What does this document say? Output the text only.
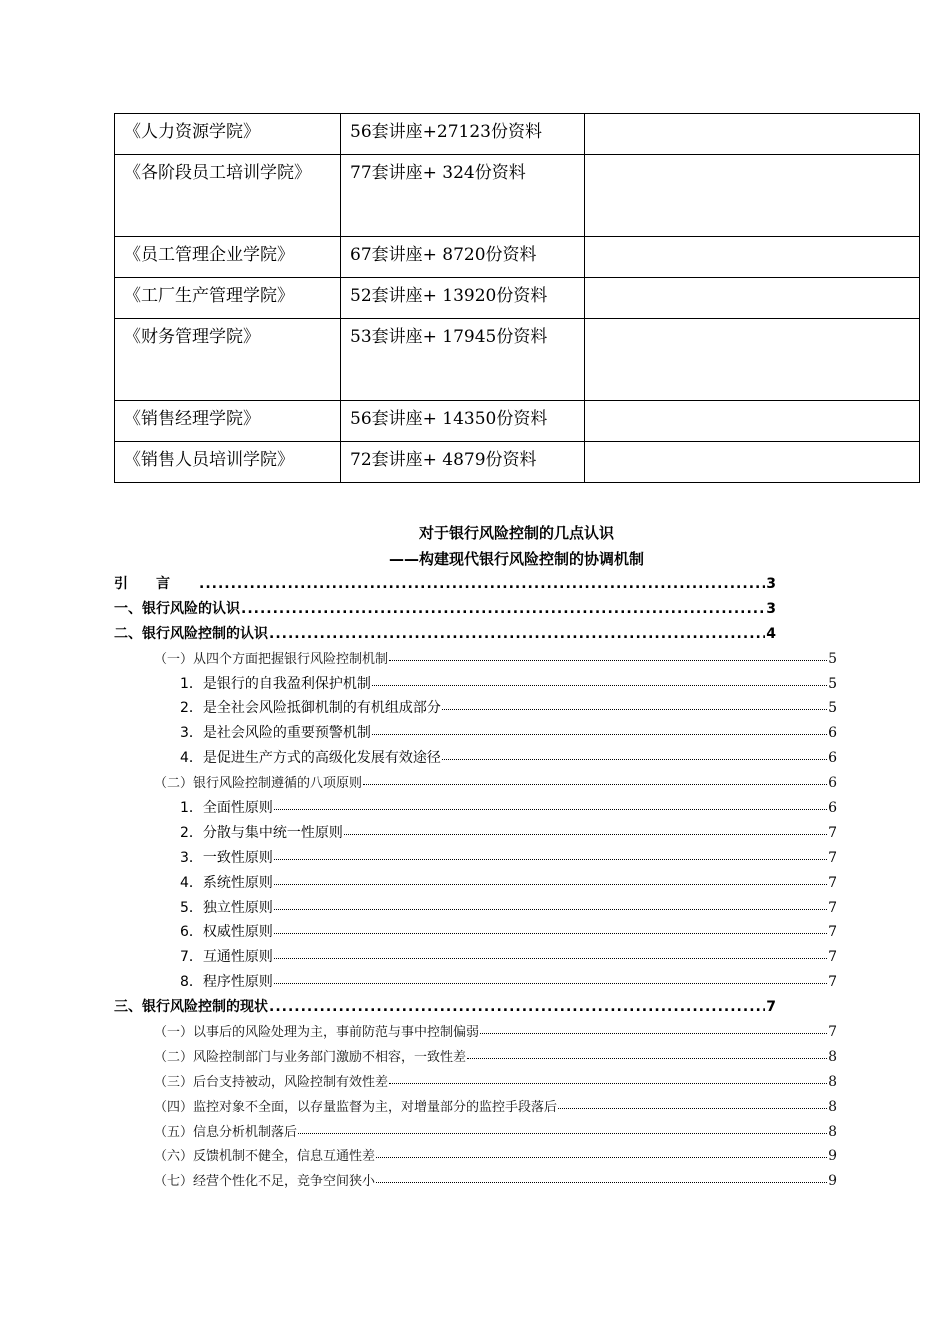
《人力资源学院》	56套讲座+27123份资料	

《各阶段员工培训学院》	77套讲座+ 324份资料	

《员工管理企业学院》	67套讲座+ 8720份资料	

《工厂生产管理学院》	52套讲座+ 13920份资料	

《财务管理学院》	53套讲座+ 17945份资料	

《销售经理学院》	56套讲座+ 14350份资料	

《销售人员培训学院》	72套讲座+ 4879份资料	

对于银行风险控制的几点认识
——构建现代银行风险控制的协调机制
引言 .....	3
一、银行风险的认识 .....	3
二、银行风险控制的认识 .....	4
（一）从四个方面把握银行风险控制机制	5
1．是银行的自我盈利保护机制	5
2．是全社会风险抵御机制的有机组成部分	5
3．是社会风险的重要预警机制	6
4．是促进生产方式的高级化发展有效途径	6
（二）银行风险控制遵循的八项原则	6
1．全面性原则	6
2．分散与集中统一性原则	7
3．一致性原则	7
4．系统性原则	7
5．独立性原则	7
6．权威性原则	7
7．互通性原则	7
8．程序性原则	7
三、银行风险控制的现状 .....	7
（一）以事后的风险处理为主，事前防范与事中控制偏弱	7
（二）风险控制部门与业务部门激励不相容，一致性差	8
（三）后台支持被动，风险控制有效性差	8
（四）监控对象不全面，以存量监督为主，对增量部分的监控手段落后	8
（五）信息分析机制落后	8
（六）反馈机制不健全，信息互通性差	9
（七）经营个性化不足，竞争空间狭小	9
